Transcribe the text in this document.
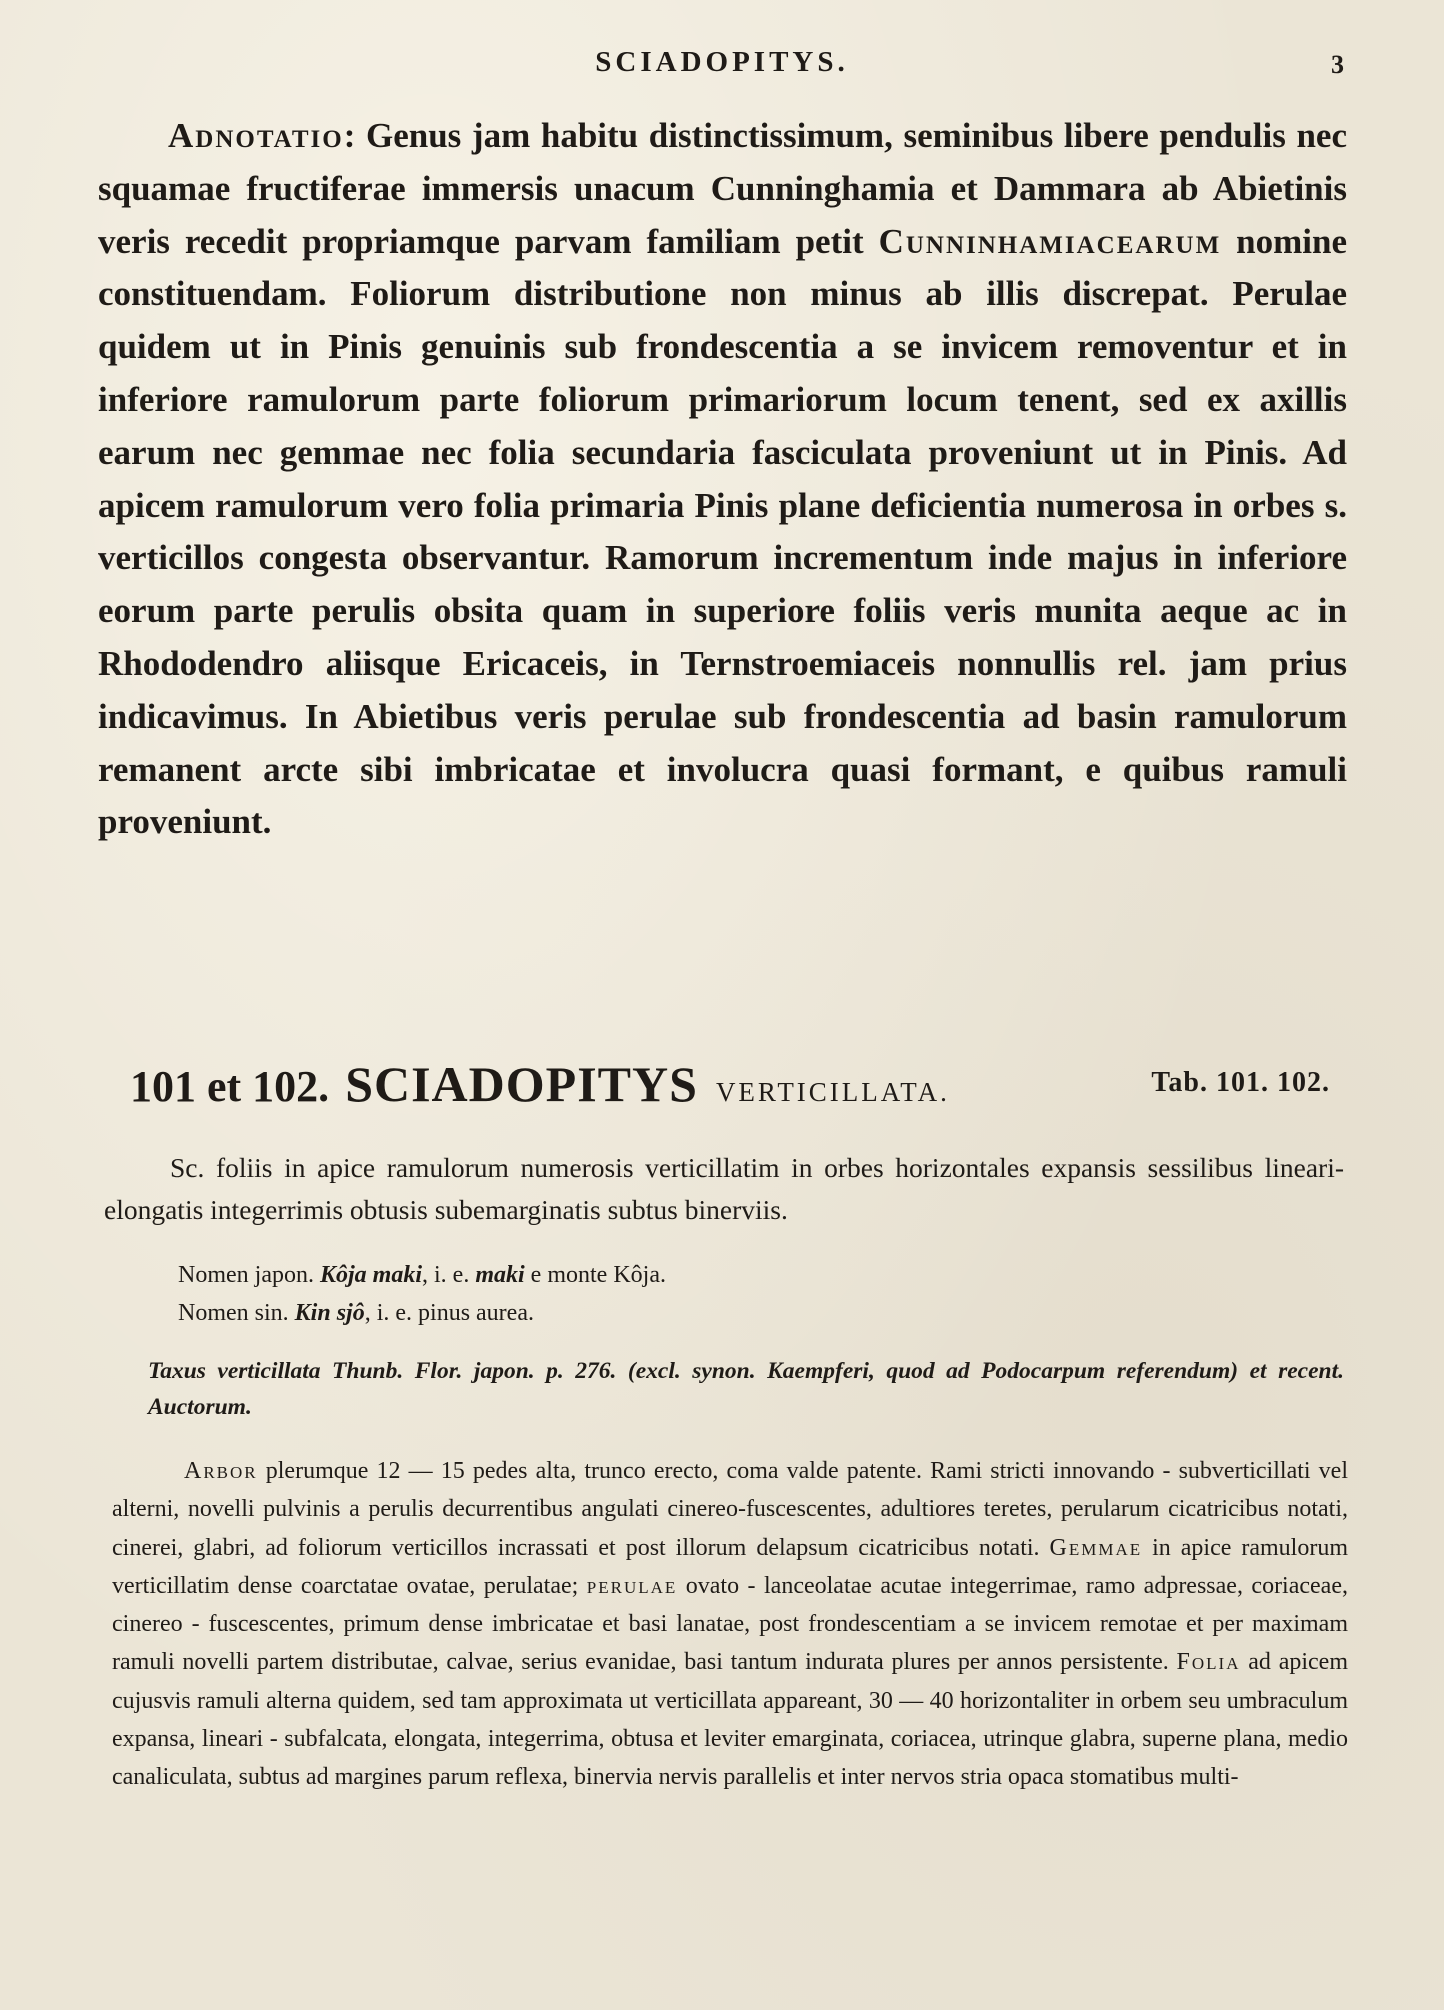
SCIADOPITYS.	3

Adnotatio: Genus jam habitu distinctissimum, seminibus libere pendulis nec squamae fructiferae immersis unacum Cunninghamia et Dammara ab Abietinis veris recedit propriamque parvam familiam petit Cunninhamiacearum nomine constituendam. Foliorum distributione non minus ab illis discrepat. Perulae quidem ut in Pinis genuinis sub frondescentia a se invicem removentur et in inferiore ramulorum parte foliorum primariorum locum tenent, sed ex axillis earum nec gemmae nec folia secundaria fasciculata proveniunt ut in Pinis. Ad apicem ramulorum vero folia primaria Pinis plane deficientia numerosa in orbes s. verticillos congesta observantur. Ramorum incrementum inde majus in inferiore eorum parte perulis obsita quam in superiore foliis veris munita aeque ac in Rhododendro aliisque Ericaceis, in Ternstroemiaceis nonnullis rel. jam prius indicavimus. In Abietibus veris perulae sub frondescentia ad basin ramulorum remanent arcte sibi imbricatae et involucra quasi formant, e quibus ramuli proveniunt.

101 et 102. SCIADOPITYS VERTICILLATA.	Tab. 101. 102.

Sc. foliis in apice ramulorum numerosis verticillatim in orbes horizontales expansis sessilibus lineari-elongatis integerrimis obtusis subemarginatis subtus binerviis.

Nomen japon. Kôja maki, i. e. maki e monte Kôja.
Nomen sin. Kin sjô, i. e. pinus aurea.

Taxus verticillata Thunb. Flor. japon. p. 276. (excl. synon. Kaempferi, quod ad Podocarpum referendum) et recent. Auctorum.

Arbor plerumque 12 — 15 pedes alta, trunco erecto, coma valde patente. Rami stricti innovando - subverticillati vel alterni, novelli pulvinis a perulis decurrentibus angulati cinereo-fuscescentes, adultiores teretes, perularum cicatricibus notati, cinerei, glabri, ad foliorum verticillos incrassati et post illorum delapsum cicatricibus notati. Gemmae in apice ramulorum verticillatim dense coarctatae ovatae, perulatae; perulae ovato - lanceolatae acutae integerrimae, ramo adpressae, coriaceae, cinereo - fuscescentes, primum dense imbricatae et basi lanatae, post frondescentiam a se invicem remotae et per maximam ramuli novelli partem distributae, calvae, serius evanidae, basi tantum indurata plures per annos persistente. Folia ad apicem cujusvis ramuli alterna quidem, sed tam approximata ut verticillata appareant, 30 — 40 horizontaliter in orbem seu umbraculum expansa, lineari - subfalcata, elongata, integerrima, obtusa et leviter emarginata, coriacea, utrinque glabra, superne plana, medio canaliculata, subtus ad margines parum reflexa, binervia nervis parallelis et inter nervos stria opaca stomatibus multi-
